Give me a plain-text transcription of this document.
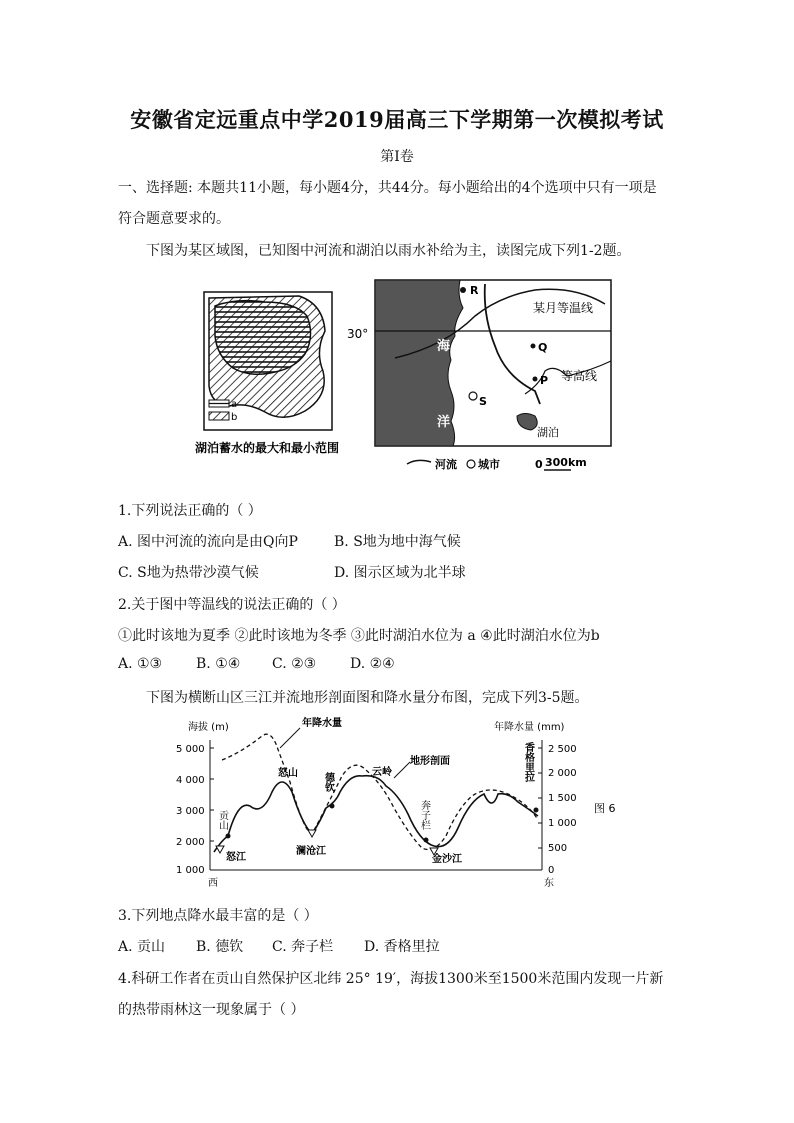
安徽省定远重点中学2019届高三下学期第一次模拟考试
第I卷
一、选择题: 本题共11小题，每小题4分，共44分。每小题给出的4个选项中只有一项是
符合题意要求的。
下图为某区域图，已知图中河流和湖泊以雨水补给为主，读图完成下列1-2题。
a
b
湖泊蓄水的最大和最小范围
30°
R
某月等温线
Q
P 等高线
海
洋
S
湖泊
河流 城市	0 300km
1.下列说法正确的（ ）
A. 图中河流的流向是由Q向P	B. S地为地中海气候
C. S地为热带沙漠气候	D. 图示区域为北半球
2.关于图中等温线的说法正确的（ ）
①此时该地为夏季 ②此时该地为冬季 ③此时湖泊水位为 a ④此时湖泊水位为b
A. ①③ B. ①④ C. ②③ D. ②④
下图为横断山区三江并流地形剖面图和降水量分布图，完成下列3-5题。
海拔 (m)	年降水量 (mm)
5 000
4 000
3 000
2 000
1 000
2 500
2 000
1 500
1 000
500
0
年降水量
地形剖面
图 6
西	东
贡山
怒江
怒山
澜沧江
德钦	云岭
奔子栏
金沙江
香格里拉
3.下列地点降水最丰富的是（ ）
A. 贡山 B. 德钦 C. 奔子栏 D. 香格里拉
4.科研工作者在贡山自然保护区北纬 25° 19′，海拔1300米至1500米范围内发现一片新
的热带雨林这一现象属于（ ）
